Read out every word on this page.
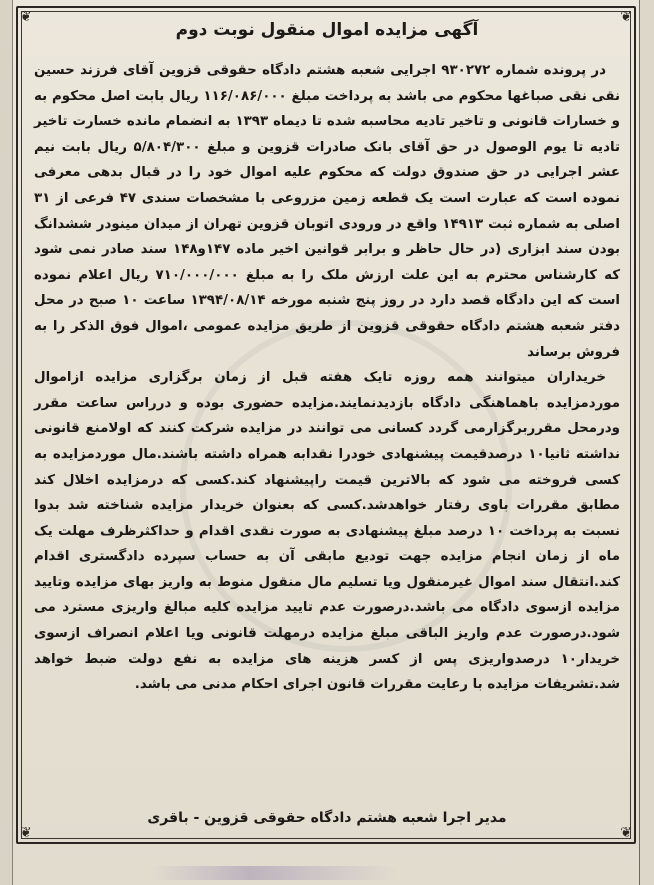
❦	❦
❦	❦
آگهی مزایده اموال منقول نوبت دوم

در پرونده شماره ۹۳۰۲۷۲ اجرایی شعبه هشتم دادگاه حقوقی قزوین آقای فرزند حسین نقی نقی صباغها محکوم می باشد به پرداخت مبلغ ۱۱۶/۰۸۶/۰۰۰ ریال بابت اصل محکوم به و خسارات قانونی و تاخیر تادیه محاسبه شده تا دیماه ۱۳۹۳ به انضمام مانده خسارت تاخیر تادیه تا یوم الوصول در حق آقای بانک صادرات قزوین و مبلغ ۵/۸۰۴/۳۰۰ ریال بابت نیم عشر اجرایی در حق صندوق دولت که محکوم علیه اموال خود را در قبال بدهی معرفی نموده است که عبارت است یک قطعه زمین مزروعی با مشخصات سندی ۴۷ فرعی از ۳۱ اصلی به شماره ثبت ۱۴۹۱۳ واقع در ورودی اتوبان قزوین تهران از میدان مینودر ششدانگ بودن سند ابزاری (در حال حاظر و برابر قوانین اخیر ماده ۱۴۷و۱۴۸ سند صادر نمی شود که کارشناس محترم به این علت ارزش ملک را به مبلغ ۷۱۰/۰۰۰/۰۰۰ ریال اعلام نموده است که این دادگاه قصد دارد در روز پنج شنبه مورخه ۱۳۹۴/۰۸/۱۴ ساعت ۱۰ صبح در محل دفتر شعبه هشتم دادگاه حقوقی قزوین از طریق مزایده عمومی ،اموال فوق الذکر را به فروش برساند

خریداران میتوانند همه روزه تایک هفته قبل از زمان برگزاری مزایده ازاموال موردمزایده باهماهنگی دادگاه بازدیدنمایند.مزایده حضوری بوده و درراس ساعت مقرر ودرمحل مقرربرگزارمی گردد کسانی می توانند در مزایده شرکت کنند که اولامنع قانونی نداشته ثانیا۱۰ درصدقیمت پیشنهادی خودرا نقدابه همراه داشته باشند.مال موردمزایده به کسی فروخته می شود که بالاترین قیمت راپیشنهاد کند.کسی که درمزایده اخلال کند مطابق مقررات باوی رفتار خواهدشد.کسی که بعنوان خریدار مزایده شناخته شد بدوا نسبت به پرداخت ۱۰ درصد مبلغ پیشنهادی به صورت نقدی اقدام و حداکثرظرف مهلت یک ماه از زمان انجام مزایده جهت تودیع مابقی آن به حساب سپرده دادگستری اقدام کند.انتقال سند اموال غیرمنقول ویا تسلیم مال منقول منوط به واریز بهای مزایده وتایید مزایده ازسوی دادگاه می باشد.درصورت عدم تایید مزایده کلیه مبالغ واریزی مسترد می شود.درصورت عدم واریز الباقی مبلغ مزایده درمهلت قانونی ویا اعلام انصراف ازسوی خریدار۱۰ درصدواریزی پس از کسر هزینه های مزایده به نفع دولت ضبط خواهد شد.تشریفات مزایده با رعایت مقررات قانون اجرای احکام مدنی می باشد.

مدیر اجرا شعبه هشتم دادگاه حقوقی قزوین - باقری
